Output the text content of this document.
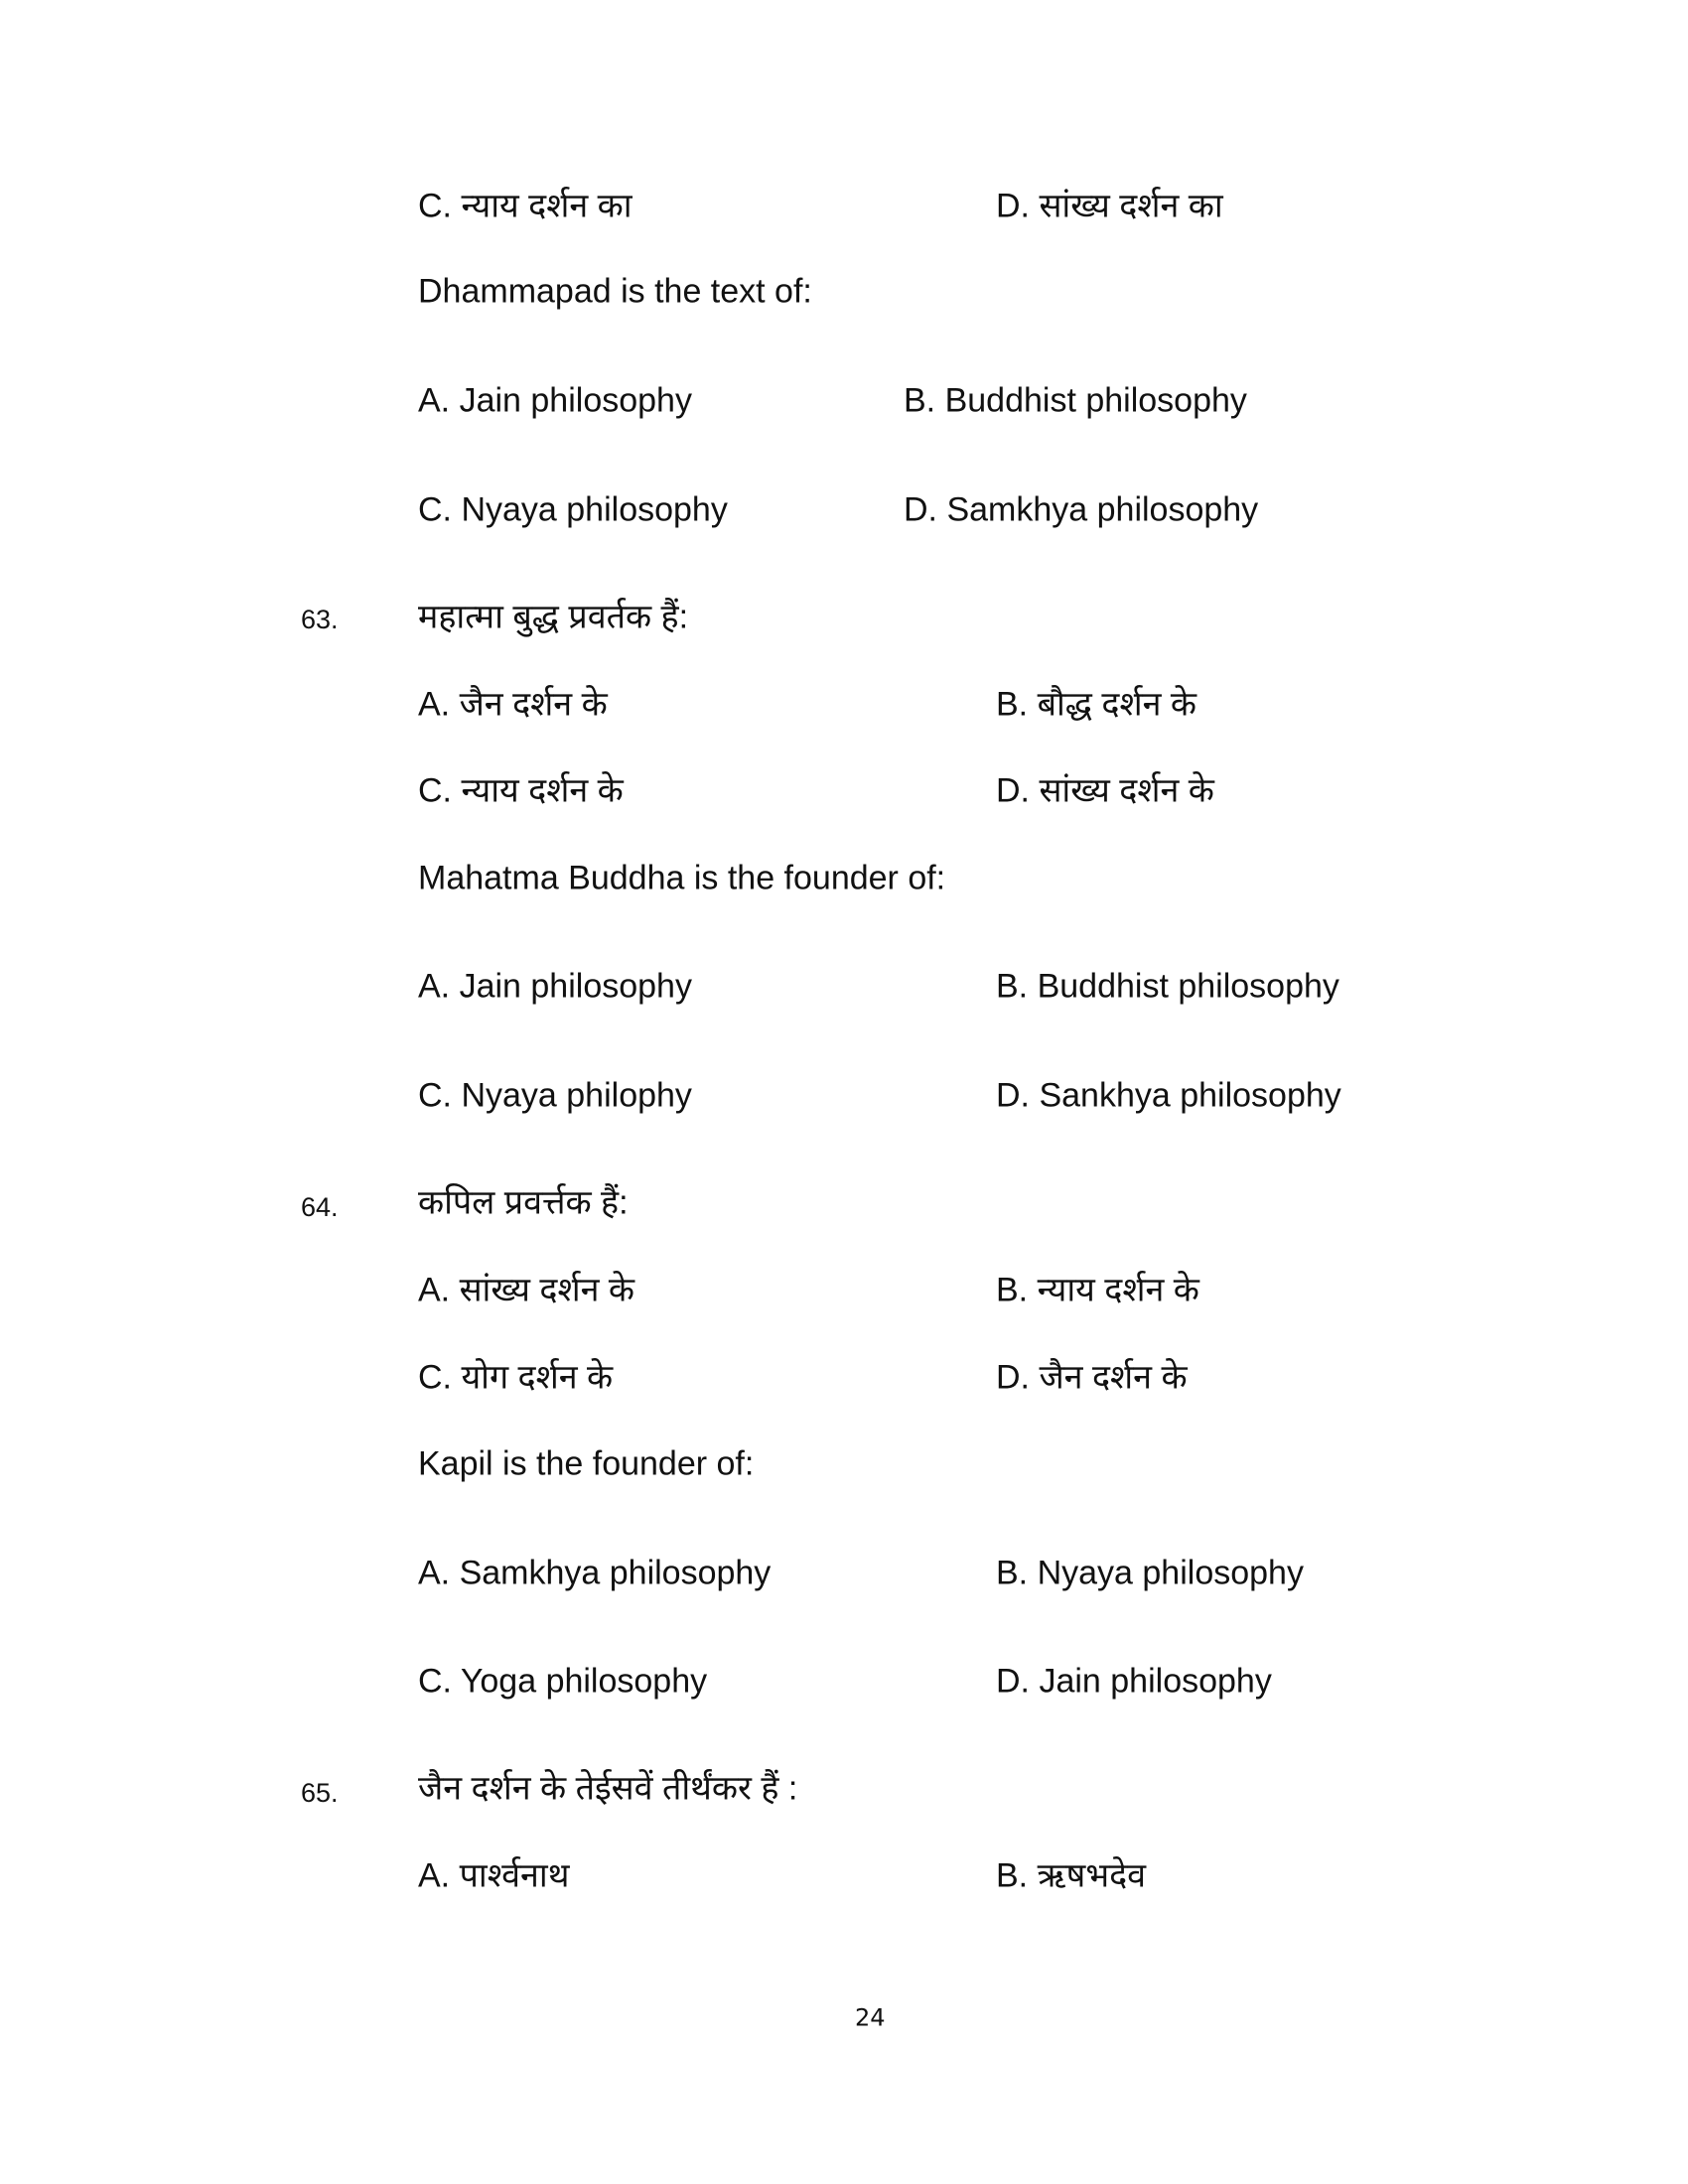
C. न्याय दर्शन का	D. सांख्य दर्शन का
Dhammapad is the text of:
A. Jain philosophy	B. Buddhist philosophy
C. Nyaya philosophy	D. Samkhya philosophy
63. महात्मा बुद्ध प्रवर्तक हैं:
A. जैन दर्शन के	B. बौद्ध दर्शन के
C. न्याय दर्शन के	D. सांख्य दर्शन के
Mahatma Buddha is the founder of:
A. Jain philosophy	B. Buddhist philosophy
C. Nyaya philophy	D. Sankhya philosophy
64. कपिल प्रवर्त्तक हैं:
A. सांख्य दर्शन के	B. न्याय दर्शन के
C. योग दर्शन के	D. जैन दर्शन के
Kapil is the founder of:
A. Samkhya philosophy	B. Nyaya philosophy
C. Yoga philosophy	D. Jain philosophy
65. जैन दर्शन के तेईसवें तीर्थंकर हैं :
A. पार्श्वनाथ	B. ऋषभदेव
24
